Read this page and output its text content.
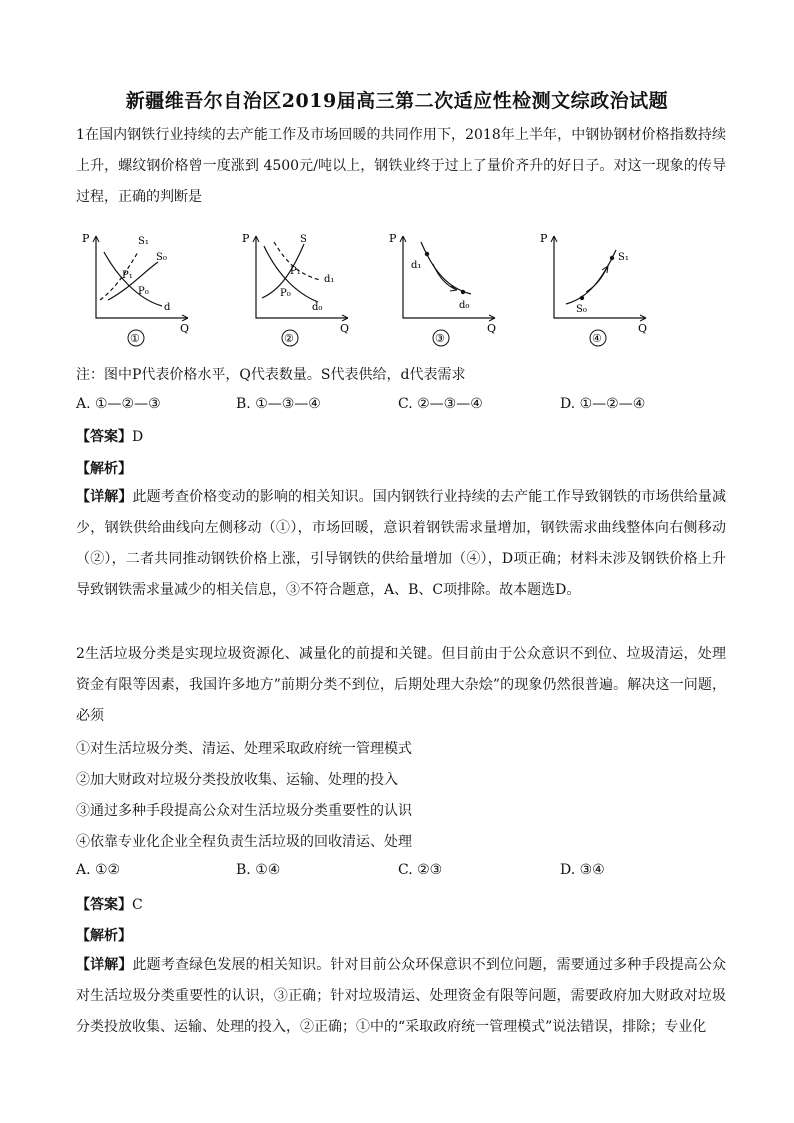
新疆维吾尔自治区2019届高三第二次适应性检测文综政治试题

1在国内钢铁行业持续的去产能工作及市场回暖的共同作用下，2018年上半年，中钢协钢材价格指数持续上升，螺纹钢价格曾一度涨到 4500元/吨以上，钢铁业终于过上了量价齐升的好日子。对这一现象的传导过程，正确的判断是

P
Q
S₁
S₀
P₁
P₀
d
①
P
Q
S
P₁
P₀
d₁
d₀
②
P
Q
d₁
d₀
③
P
Q
S₁
S₀
④
注：图中P代表价格水平，Q代表数量。S代表供给，d代表需求
A. ①—②—③	B. ①—③—④	C. ②—③—④	D. ①—②—④
【答案】D
【解析】

【详解】此题考查价格变动的影响的相关知识。国内钢铁行业持续的去产能工作导致钢铁的市场供给量减少，钢铁供给曲线向左侧移动（①），市场回暖，意识着钢铁需求量增加，钢铁需求曲线整体向右侧移动（②），二者共同推动钢铁价格上涨，引导钢铁的供给量增加（④），D项正确；材料未涉及钢铁价格上升导致钢铁需求量减少的相关信息，③不符合题意，A、B、C项排除。故本题选D。

2生活垃圾分类是实现垃圾资源化、减量化的前提和关键。但目前由于公众意识不到位、垃圾清运，处理资金有限等因素，我国许多地方”前期分类不到位，后期处理大杂烩”的现象仍然很普遍。解决这一问题，必须

①对生活垃圾分类、清运、处理采取政府统一管理模式
②加大财政对垃圾分类投放收集、运输、处理的投入
③通过多种手段提高公众对生活垃圾分类重要性的认识
④依靠专业化企业全程负责生活垃圾的回收清运、处理
A. ①②	B. ①④	C. ②③	D. ③④
【答案】C
【解析】

【详解】此题考查绿色发展的相关知识。针对目前公众环保意识不到位问题，需要通过多种手段提高公众对生活垃圾分类重要性的认识，③正确；针对垃圾清运、处理资金有限等问题，需要政府加大财政对垃圾分类投放收集、运输、处理的投入，②正确；①中的“采取政府统一管理模式”说法错误，排除；专业化
